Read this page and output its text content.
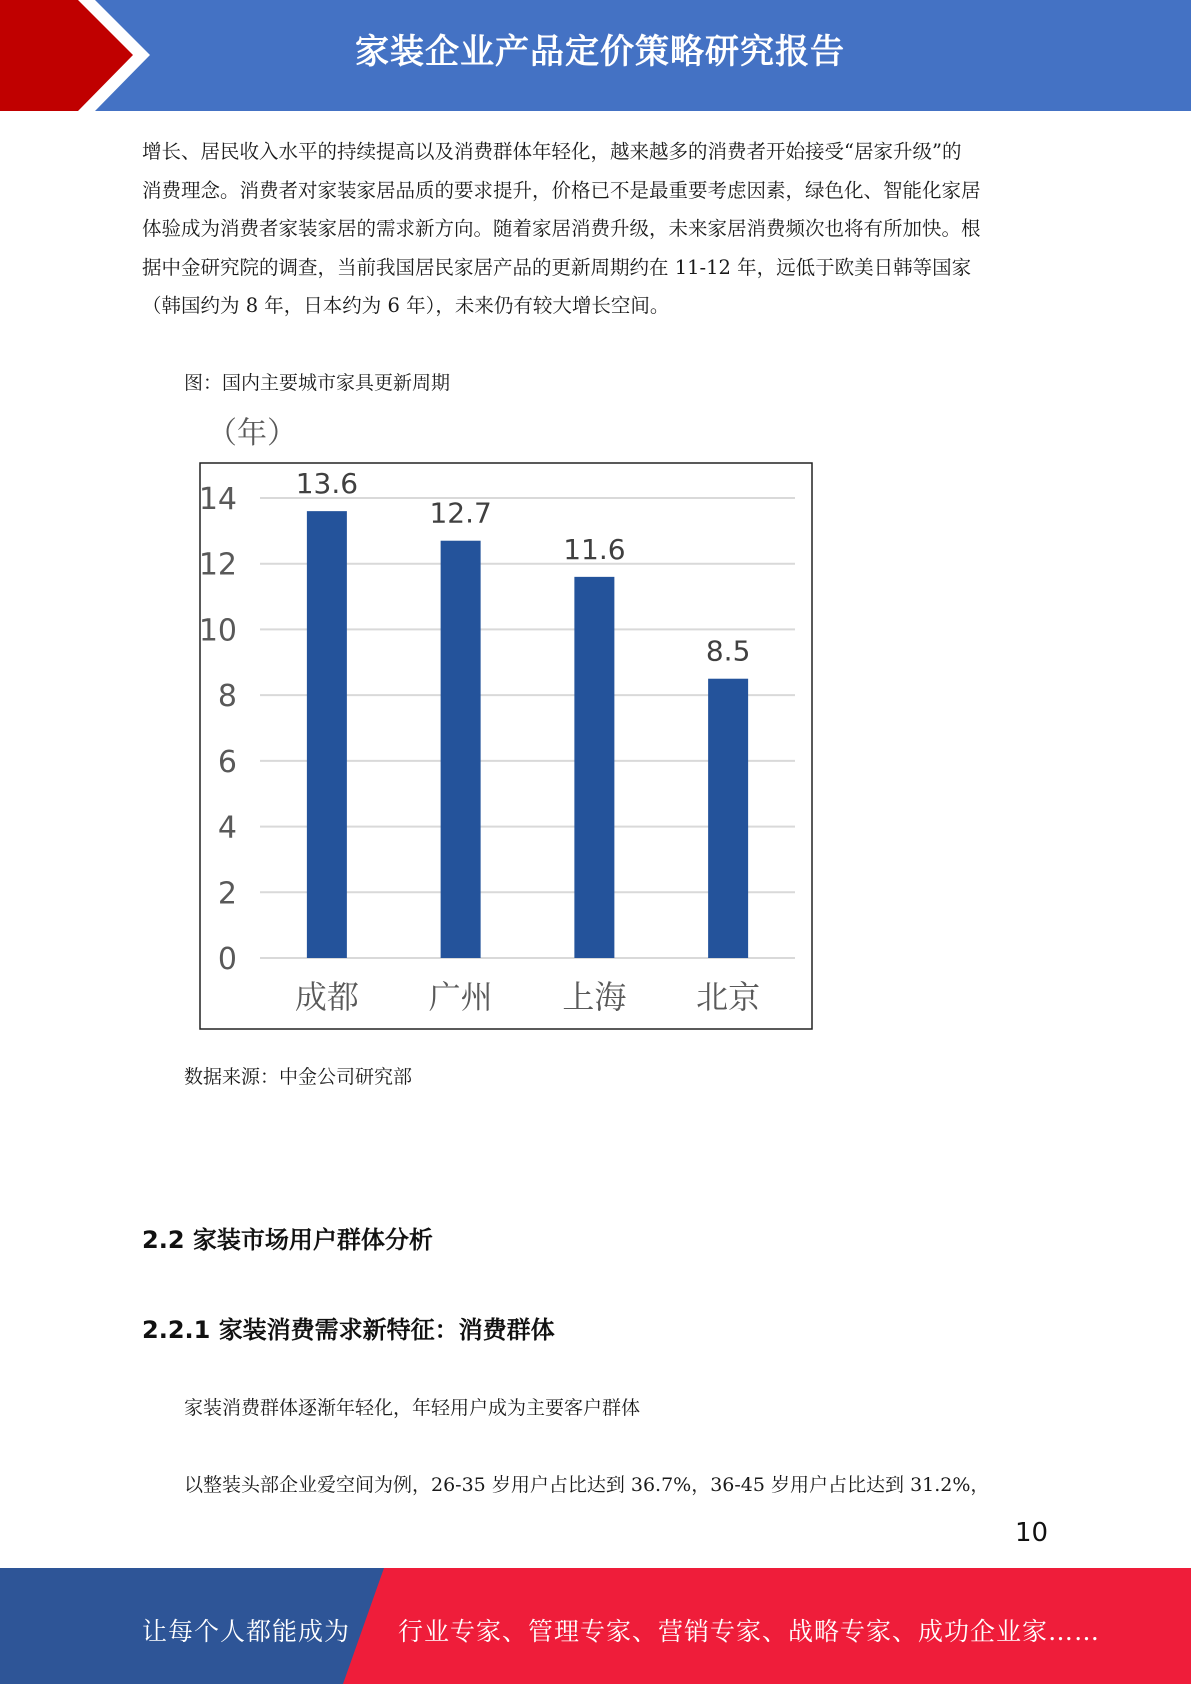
家装企业产品定价策略研究报告
增长、居民收入水平的持续提高以及消费群体年轻化，越来越多的消费者开始接受“居家升级”的
消费理念。消费者对家装家居品质的要求提升，价格已不是最重要考虑因素，绿色化、智能化家居
体验成为消费者家装家居的需求新方向。随着家居消费升级，未来家居消费频次也将有所加快。根
据中金研究院的调查，当前我国居民家居产品的更新周期约在 11-12 年，远低于欧美日韩等国家
（韩国约为 8 年，日本约为 6 年），未来仍有较大增长空间。
图：国内主要城市家具更新周期
（年）
0
2
4
6
8
10
12
14 13.6
成都
12.7
广州
11.6
上海
8.5
北京
数据来源：中金公司研究部
2.2 家装市场用户群体分析
2.2.1 家装消费需求新特征：消费群体
家装消费群体逐渐年轻化，年轻用户成为主要客户群体
以整装头部企业爱空间为例，26-35 岁用户占比达到 36.7%，36-45 岁用户占比达到 31.2%，
10
让每个人都能成为 行业专家、管理专家、营销专家、战略专家、成功企业家……
